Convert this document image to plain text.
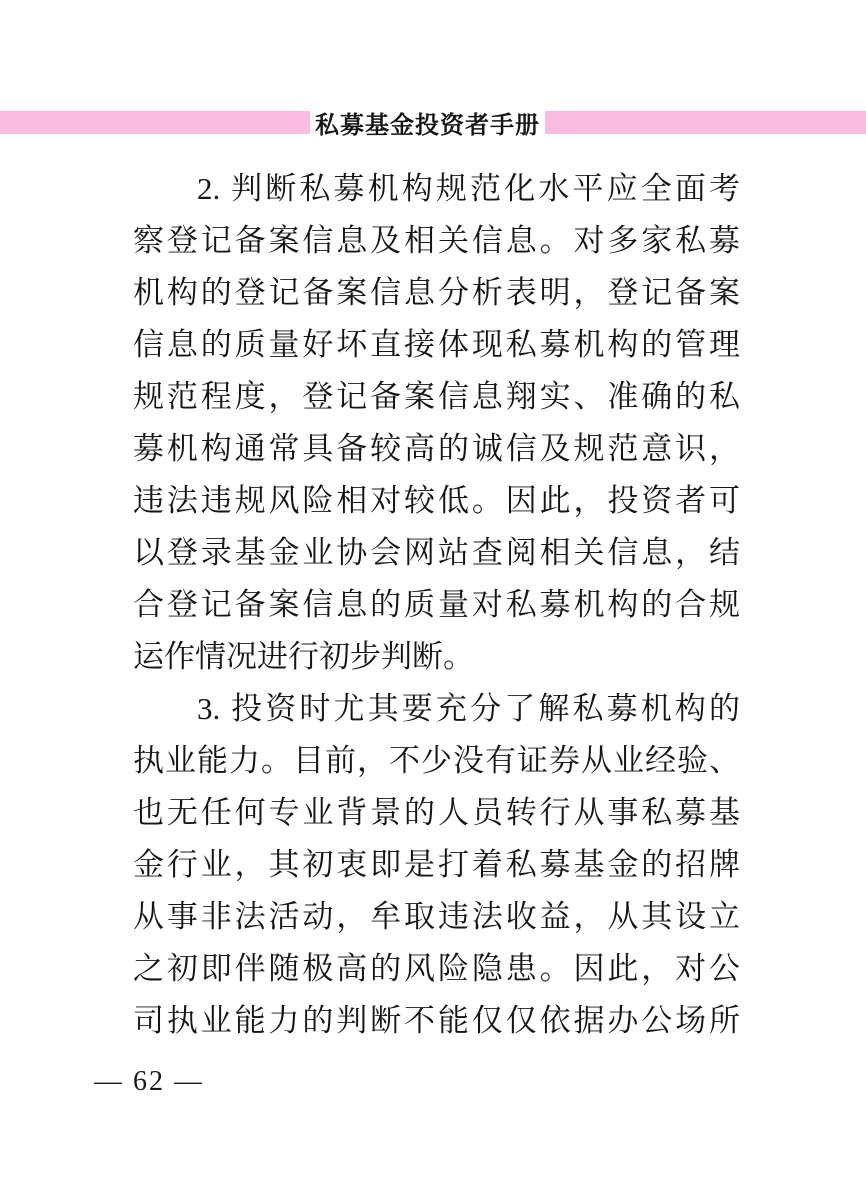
私募基金投资者手册
2. 判断私募机构规范化水平应全面考
察登记备案信息及相关信息。对多家私募
机构的登记备案信息分析表明，登记备案
信息的质量好坏直接体现私募机构的管理
规范程度，登记备案信息翔实、准确的私
募机构通常具备较高的诚信及规范意识，
违法违规风险相对较低。因此，投资者可
以登录基金业协会网站查阅相关信息，结
合登记备案信息的质量对私募机构的合规
运作情况进行初步判断。
3. 投资时尤其要充分了解私募机构的
执业能力。目前，不少没有证券从业经验、
也无任何专业背景的人员转行从事私募基
金行业，其初衷即是打着私募基金的招牌
从事非法活动，牟取违法收益，从其设立
之初即伴随极高的风险隐患。因此，对公
司执业能力的判断不能仅仅依据办公场所
— 62 —
